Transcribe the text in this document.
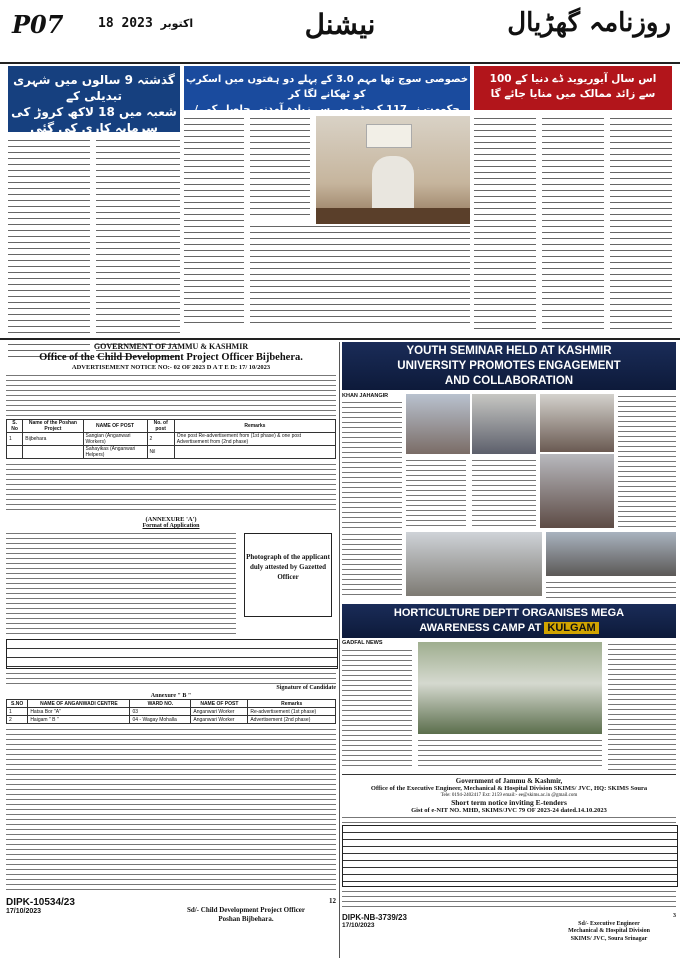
P07	18	اکتوبر 2023	نیشنل	روزنامہ گھڑیال
گذشتہ 9 سالوں میں شہری تبدیلی کے
شعبہ میں 18 لاکھ کروڑ کی سرمایہ کاری کی گئی
خصوصی سوچ تھا مہم 3.0 کے پہلے دو ہفتوں میں اسکرپ کو ٹھکانے لگا کر
حکومت نے 117 کروڑ روپے سے زیادہ آمدنی حاصل کی /
اس سال آیوریوید ڈے دنیا کے 100
سے زائد ممالک میں منایا جائے گا
GOVERNMENT OF JAMMU & KASHMIR
Office of the Child Development Project Officer Bijbehera.
ADVERTISEMENT NOTICE NO:- 02 OF 2023 D A T E D: 17/ 10/2023
S. No	Name of the Poshan Project	NAME OF POST	No. of post	Remarks
1	Bijbehara	Sangian (Anganwari Workers)	2	One post Re-advertisement from (1st phase) & one post Advertisement from (2nd phase)
		Sahayikas (Anganwari Helpers)	Nil	
(ANNEXURE 'A')
Format of Application
Photograph of the applicant duly attested by Gazetted Officer
Signature of Candidate
Annexure " B "
S.NO	NAME OF ANGANWADI CENTRE	WARD NO.	NAME OF POST	Remarks
1	Hatsa Bor "A"	03	Anganwari Worker	Re-advertisement (1st phase)
2	Haigam " B "	04 - Wagay Mohalla	Anganwari Worker	Advertisement (2nd phase)
DIPK-10534/23
17/10/2023
12
Sd/- Child Development Project Officer
Poshan Bijbehara.
YOUTH SEMINAR HELD AT KASHMIR
UNIVERSITY PROMOTES ENGAGEMENT
AND COLLABORATION
KHAN JAHANGIR
HORTICULTURE DEPTT ORGANISES MEGA
AWARENESS CAMP AT KULGAM
GADFAL NEWS
Government of Jammu & Kashmir,
Office of the Executive Engineer, Mechanical & Hospital Division SKIMS/ JVC, HQ: SKIMS Soura
Tele: 0194-2402417 Ext: 2159 email:- ee@skims.ac.in @gmail.com
Short term notice inviting E-tenders
Gist of e-NIT NO. MHD, SKIMS/JVC 79 OF 2023-24 dated.14.10.2023
DIPK-NB-3739/23
17/10/2023
3
Sd/- Executive Engineer
Mechanical & Hospital Division
SKIMS/ JVC, Soura Srinagar
